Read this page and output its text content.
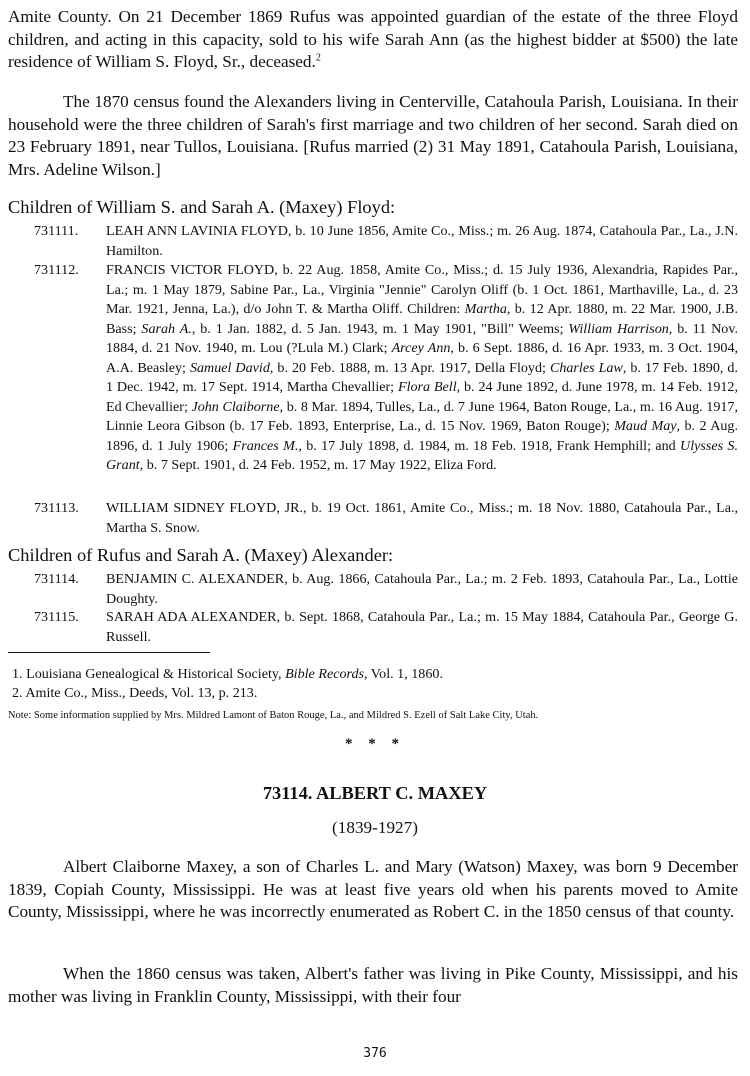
Amite County. On 21 December 1869 Rufus was appointed guardian of the estate of the three Floyd children, and acting in this capacity, sold to his wife Sarah Ann (as the highest bidder at $500) the late residence of William S. Floyd, Sr., deceased.$^2$

The 1870 census found the Alexanders living in Centerville, Catahoula Parish, Louisiana. In their household were the three children of Sarah's first marriage and two children of her second. Sarah died on 23 February 1891, near Tullos, Louisiana. [Rufus married (2) 31 May 1891, Catahoula Parish, Louisiana, Mrs. Adeline Wilson.]

Children of William S. and Sarah A. (Maxey) Floyd:
731111.	LEAH ANN LAVINIA FLOYD, b. 10 June 1856, Amite Co., Miss.; m. 26 Aug. 1874, Catahoula Par., La., J.N. Hamilton.
731112.	FRANCIS VICTOR FLOYD, b. 22 Aug. 1858, Amite Co., Miss.; d. 15 July 1936, Alexandria, Rapides Par., La.; m. 1 May 1879, Sabine Par., La., Virginia "Jennie" Carolyn Oliff (b. 1 Oct. 1861, Marthaville, La., d. 23 Mar. 1921, Jenna, La.), d/o John T. & Martha Oliff. Children: Martha, b. 12 Apr. 1880, m. 22 Mar. 1900, J.B. Bass; Sarah A., b. 1 Jan. 1882, d. 5 Jan. 1943, m. 1 May 1901, "Bill" Weems; William Harrison, b. 11 Nov. 1884, d. 21 Nov. 1940, m. Lou (?Lula M.) Clark; Arcey Ann, b. 6 Sept. 1886, d. 16 Apr. 1933, m. 3 Oct. 1904, A.A. Beasley; Samuel David, b. 20 Feb. 1888, m. 13 Apr. 1917, Della Floyd; Charles Law, b. 17 Feb. 1890, d. 1 Dec. 1942, m. 17 Sept. 1914, Martha Chevallier; Flora Bell, b. 24 June 1892, d. June 1978, m. 14 Feb. 1912, Ed Chevallier; John Claiborne, b. 8 Mar. 1894, Tulles, La., d. 7 June 1964, Baton Rouge, La., m. 16 Aug. 1917, Linnie Leora Gibson (b. 17 Feb. 1893, Enterprise, La., d. 15 Nov. 1969, Baton Rouge); Maud May, b. 2 Aug. 1896, d. 1 July 1906; Frances M., b. 17 July 1898, d. 1984, m. 18 Feb. 1918, Frank Hemphill; and Ulysses S. Grant, b. 7 Sept. 1901, d. 24 Feb. 1952, m. 17 May 1922, Eliza Ford.
731113.	WILLIAM SIDNEY FLOYD, JR., b. 19 Oct. 1861, Amite Co., Miss.; m. 18 Nov. 1880, Catahoula Par., La., Martha S. Snow.
Children of Rufus and Sarah A. (Maxey) Alexander:
731114.	BENJAMIN C. ALEXANDER, b. Aug. 1866, Catahoula Par., La.; m. 2 Feb. 1893, Catahoula Par., La., Lottie Doughty.
731115.	SARAH ADA ALEXANDER, b. Sept. 1868, Catahoula Par., La.; m. 15 May 1884, Catahoula Par., George G. Russell.
1. Louisiana Genealogical & Historical Society, Bible Records, Vol. 1, 1860.
2. Amite Co., Miss., Deeds, Vol. 13, p. 213.
Note: Some information supplied by Mrs. Mildred Lamont of Baton Rouge, La., and Mildred S. Ezell of Salt Lake City, Utah.
* * *
73114. ALBERT C. MAXEY
(1839-1927)

Albert Claiborne Maxey, a son of Charles L. and Mary (Watson) Maxey, was born 9 December 1839, Copiah County, Mississippi. He was at least five years old when his parents moved to Amite County, Mississippi, where he was incorrectly enumerated as Robert C. in the 1850 census of that county.

When the 1860 census was taken, Albert's father was living in Pike County, Mississippi, and his mother was living in Franklin County, Mississippi, with their four

376
